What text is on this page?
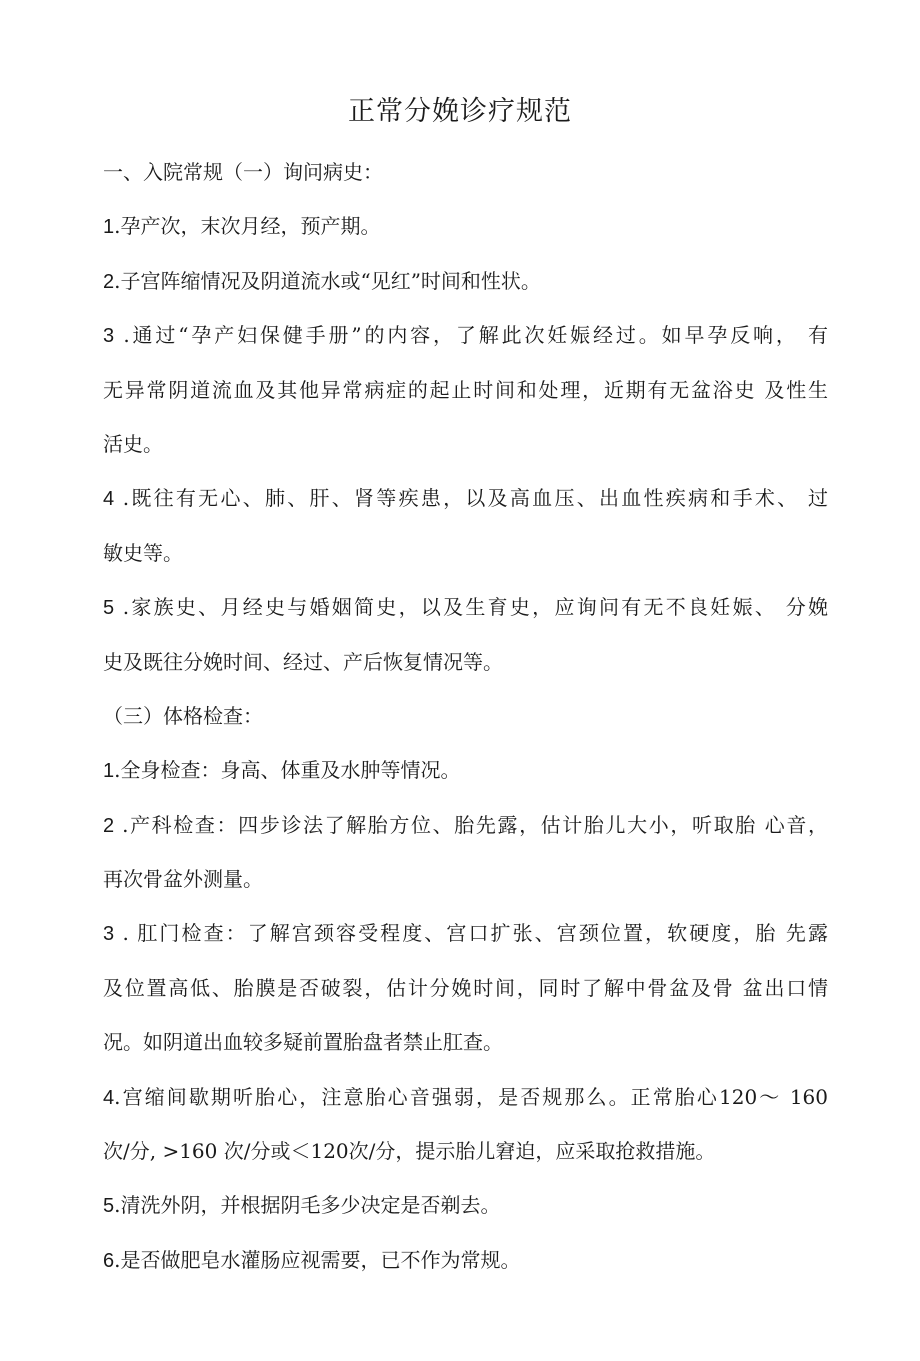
正常分娩诊疗规范
一、入院常规（一）询问病史：
1.孕产次，末次月经，预产期。
2.子宫阵缩情况及阴道流水或“见红”时间和性状。
3 .通过“孕产妇保健手册”的内容，了解此次妊娠经过。如早孕反响， 有
无异常阴道流血及其他异常病症的起止时间和处理，近期有无盆浴史 及性生
活史。
4 .既往有无心、肺、肝、肾等疾患，以及高血压、出血性疾病和手术、 过
敏史等。
5 .家族史、月经史与婚姻简史，以及生育史，应询问有无不良妊娠、 分娩
史及既往分娩时间、经过、产后恢复情况等。
（三）体格检查：
1.全身检查：身高、体重及水肿等情况。
2 .产科检查：四步诊法了解胎方位、胎先露，估计胎儿大小，听取胎 心音，
再次骨盆外测量。
3 . 肛门检查：了解宫颈容受程度、宫口扩张、宫颈位置，软硬度，胎 先露
及位置高低、胎膜是否破裂，估计分娩时间，同时了解中骨盆及骨 盆出口情
况。如阴道出血较多疑前置胎盘者禁止肛查。
4.宫缩间歇期听胎心，注意胎心音强弱，是否规那么。正常胎心120〜 160
次/分, >160 次/分或＜120次/分，提示胎儿窘迫，应采取抢救措施。
5.清洗外阴，并根据阴毛多少决定是否剃去。
6.是否做肥皂水灌肠应视需要，已不作为常规。
